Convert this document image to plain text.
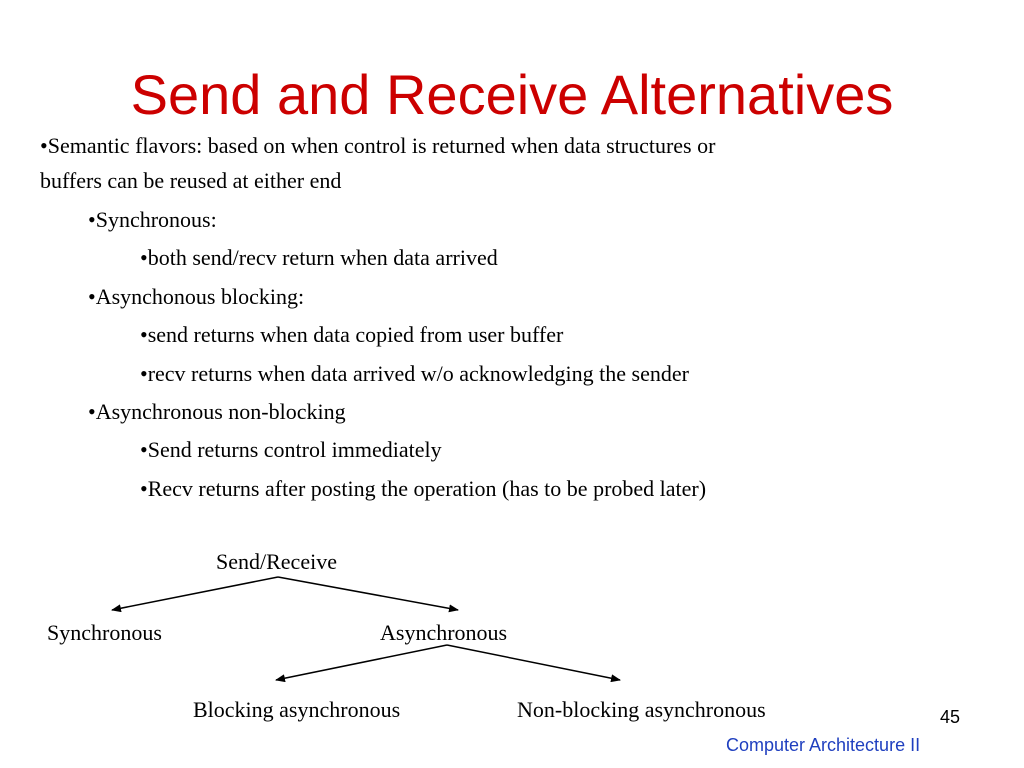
Send and Receive Alternatives
•Semantic flavors: based on when control is returned when data structures or
buffers can be reused at either end
•Synchronous:
•both send/recv return when data arrived
•Asynchonous blocking:
•send returns when data copied from user buffer
•recv returns when data arrived w/o acknowledging the sender
•Asynchronous non-blocking
•Send returns control immediately
•Recv returns after posting the operation (has to be probed later)
Send/Receive
Synchronous	Asynchronous
Blocking asynchronous	Non-blocking asynchronous	45
Computer Architecture II
